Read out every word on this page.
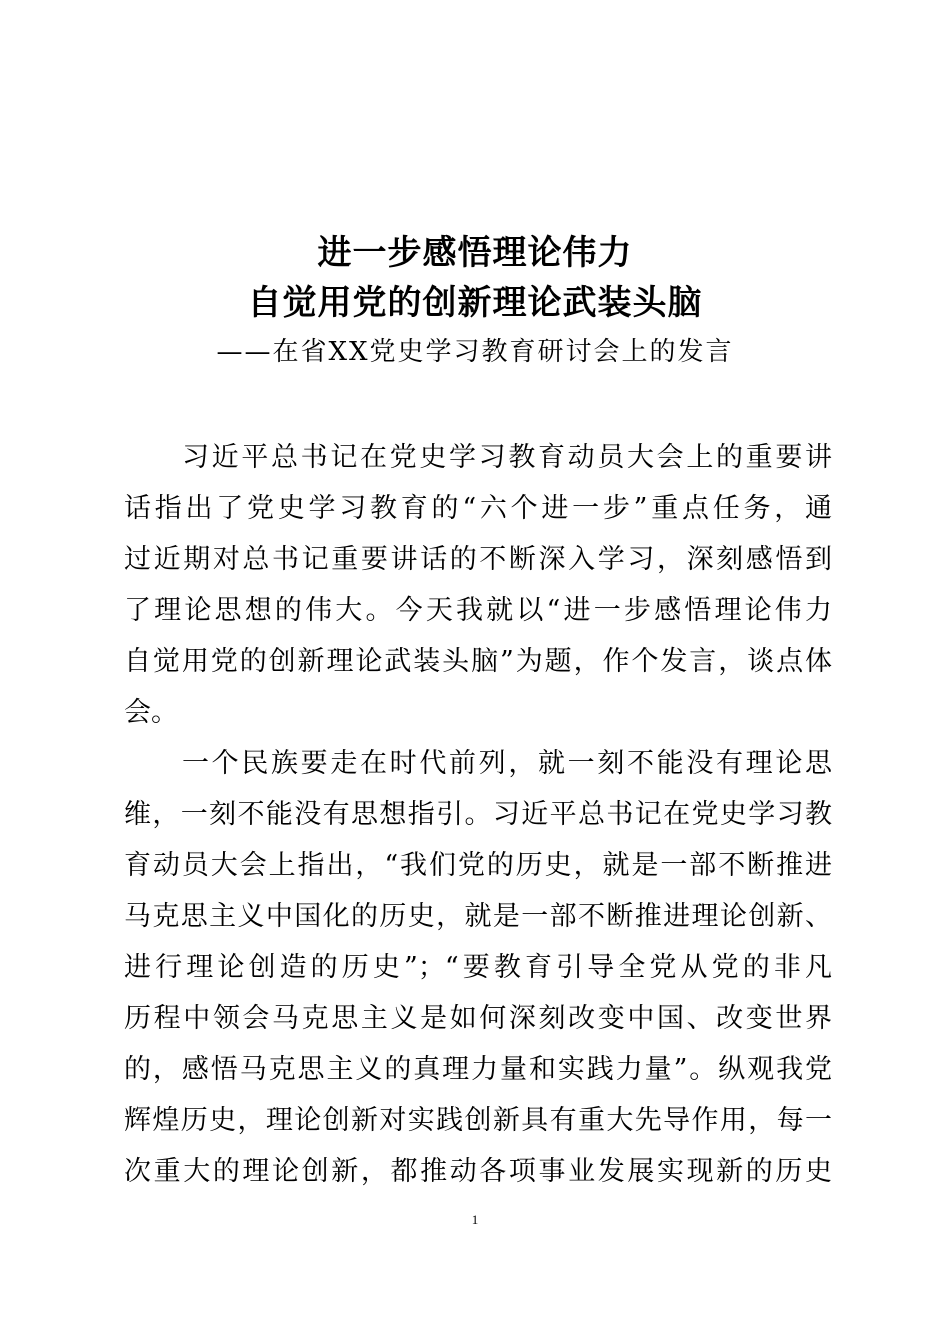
进一步感悟理论伟力
自觉用党的创新理论武装头脑
——在省XX党史学习教育研讨会上的发言
习近平总书记在党史学习教育动员大会上的重要讲
话指出了党史学习教育的“六个进一步”重点任务，通
过近期对总书记重要讲话的不断深入学习，深刻感悟到
了理论思想的伟大。今天我就以“进一步感悟理论伟力
自觉用党的创新理论武装头脑”为题，作个发言，谈点体
会。
一个民族要走在时代前列，就一刻不能没有理论思
维，一刻不能没有思想指引。习近平总书记在党史学习教
育动员大会上指出，“我们党的历史，就是一部不断推进
马克思主义中国化的历史，就是一部不断推进理论创新、
进行理论创造的历史”；“要教育引导全党从党的非凡
历程中领会马克思主义是如何深刻改变中国、改变世界
的，感悟马克思主义的真理力量和实践力量”。纵观我党
辉煌历史，理论创新对实践创新具有重大先导作用，每一
次重大的理论创新，都推动各项事业发展实现新的历史
1
